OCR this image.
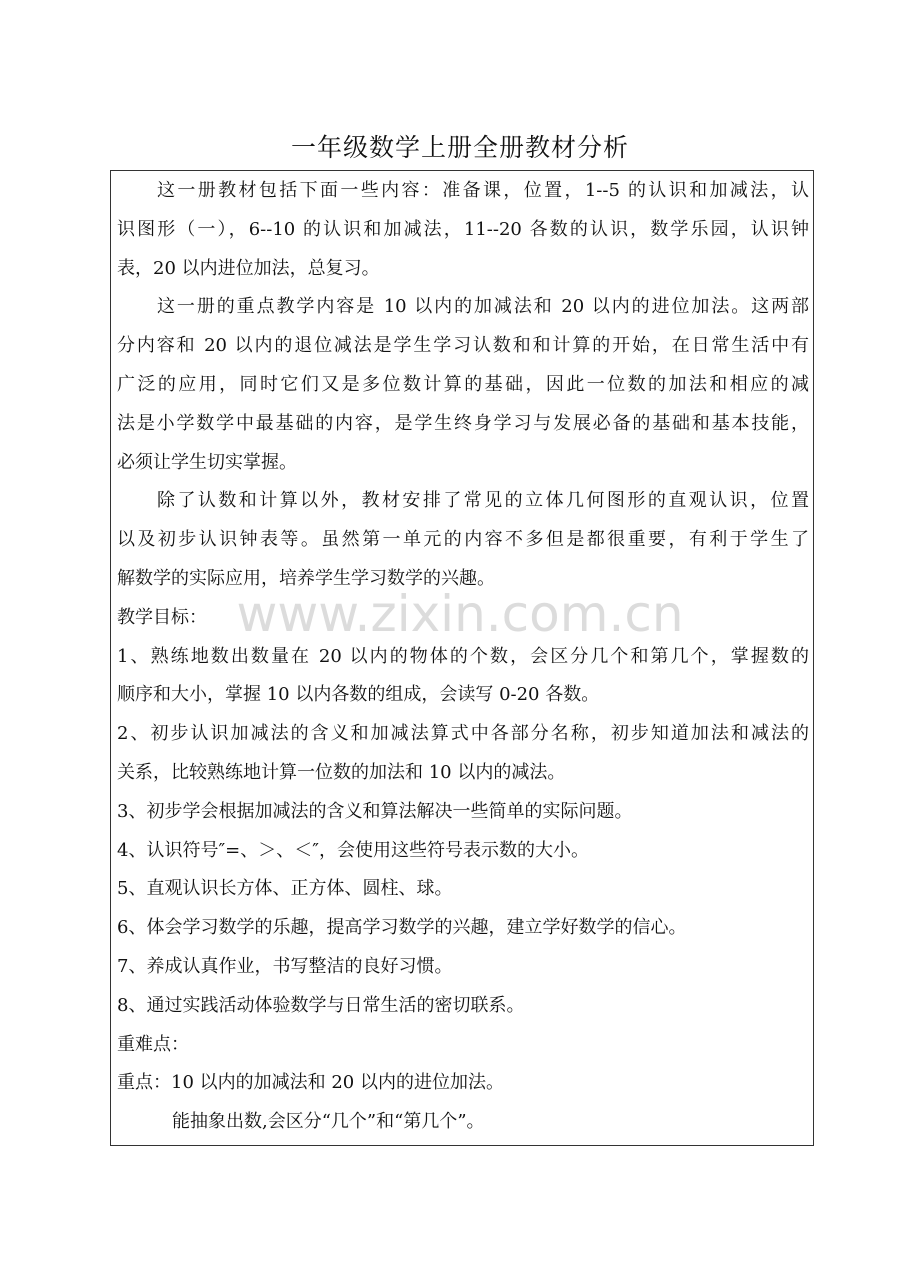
一年级数学上册全册教材分析
这一册教材包括下面一些内容：准备课，位置，1--5 的认识和加减法，认
识图形（一），6--10 的认识和加减法，11--20 各数的认识，数学乐园，认识钟
表，20 以内进位加法，总复习。
这一册的重点教学内容是 10 以内的加减法和 20 以内的进位加法。这两部
分内容和 20 以内的退位减法是学生学习认数和和计算的开始，在日常生活中有
广泛的应用，同时它们又是多位数计算的基础，因此一位数的加法和相应的减
法是小学数学中最基础的内容，是学生终身学习与发展必备的基础和基本技能，
必须让学生切实掌握。
除了认数和计算以外，教材安排了常见的立体几何图形的直观认识，位置
以及初步认识钟表等。虽然第一单元的内容不多但是都很重要，有利于学生了
解数学的实际应用，培养学生学习数学的兴趣。
教学目标：
1、熟练地数出数量在 20 以内的物体的个数，会区分几个和第几个，掌握数的
顺序和大小，掌握 10 以内各数的组成，会读写 0-20 各数。
2、初步认识加减法的含义和加减法算式中各部分名称，初步知道加法和减法的
关系，比较熟练地计算一位数的加法和 10 以内的减法。
3、初步学会根据加减法的含义和算法解决一些简单的实际问题。
4、认识符号″=、＞、＜″，会使用这些符号表示数的大小。
5、直观认识长方体、正方体、圆柱、球。
6、体会学习数学的乐趣，提高学习数学的兴趣，建立学好数学的信心。
7、养成认真作业，书写整洁的良好习惯。
8、通过实践活动体验数学与日常生活的密切联系。
重难点：
重点：10 以内的加减法和 20 以内的进位加法。
能抽象出数,会区分“几个”和“第几个”。
www.zixin.com.cn
